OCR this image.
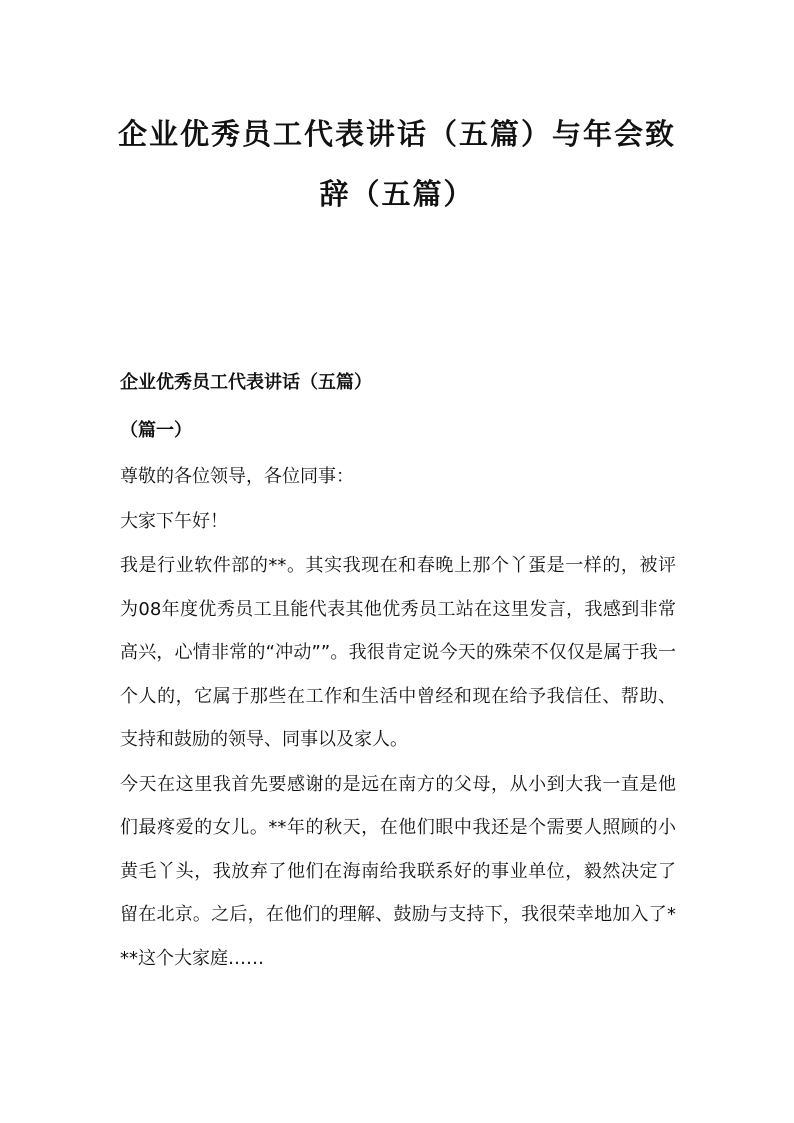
企业优秀员工代表讲话（五篇）与年会致辞（五篇）
企业优秀员工代表讲话（五篇）
（篇一）

尊敬的各位领导，各位同事：

大家下午好！

我是行业软件部的**。其实我现在和春晚上那个丫蛋是一样的，被评为08年度优秀员工且能代表其他优秀员工站在这里发言，我感到非常高兴，心情非常的“冲动””。我很肯定说今天的殊荣不仅仅是属于我一个人的，它属于那些在工作和生活中曾经和现在给予我信任、帮助、支持和鼓励的领导、同事以及家人。

今天在这里我首先要感谢的是远在南方的父母，从小到大我一直是他们最疼爱的女儿。**年的秋天，在他们眼中我还是个需要人照顾的小黄毛丫头，我放弃了他们在海南给我联系好的事业单位，毅然决定了留在北京。之后，在他们的理解、鼓励与支持下，我很荣幸地加入了***这个大家庭……
